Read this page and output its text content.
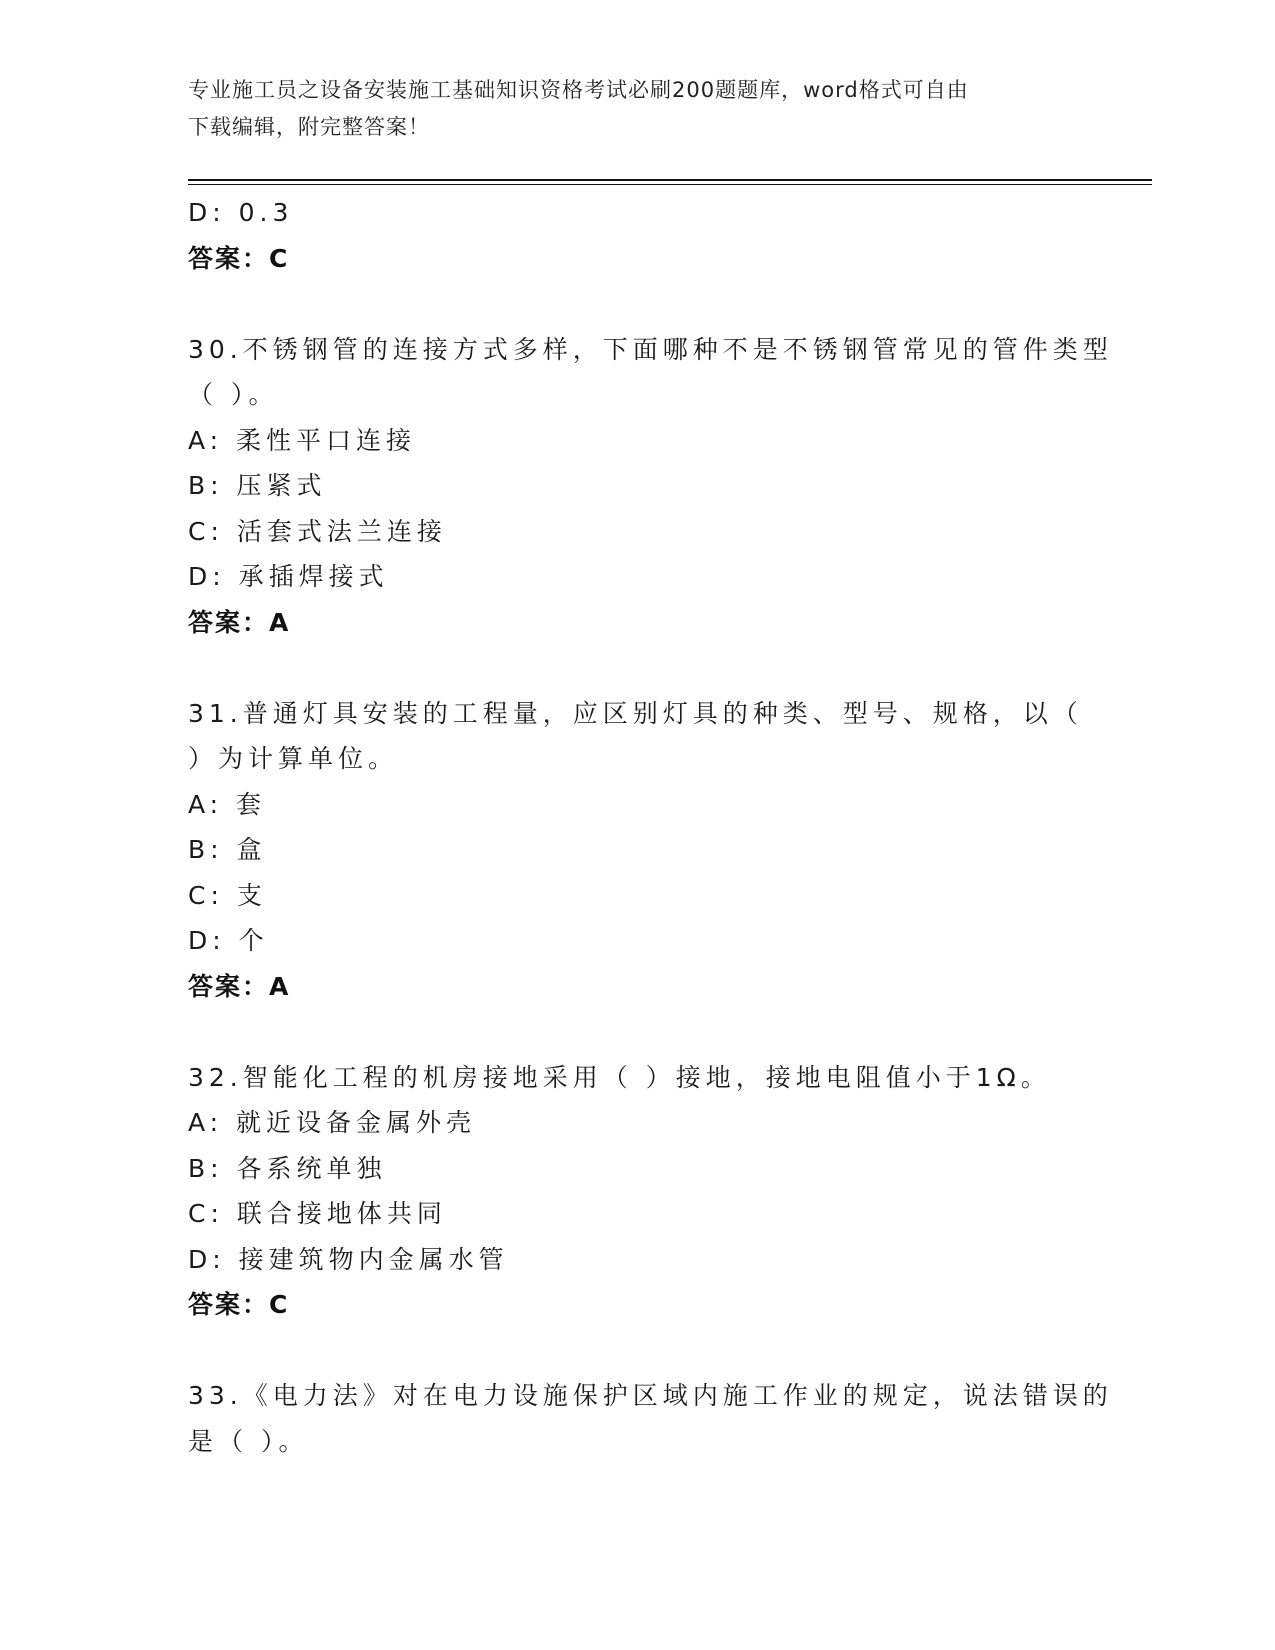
专业施工员之设备安装施工基础知识资格考试必刷200题题库，word格式可自由
下载编辑，附完整答案！
D: 0.3
答案：C
30.不锈钢管的连接方式多样，下面哪种不是不锈钢管常见的管件类型
（ ）。
A: 柔性平口连接
B: 压紧式
C: 活套式法兰连接
D: 承插焊接式
答案：A
31.普通灯具安装的工程量，应区别灯具的种类、型号、规格，以（
）为计算单位。
A: 套
B: 盒
C: 支
D: 个
答案：A
32.智能化工程的机房接地采用（ ）接地，接地电阻值小于1Ω。
A: 就近设备金属外壳
B: 各系统单独
C: 联合接地体共同
D: 接建筑物内金属水管
答案：C
33.《电力法》对在电力设施保护区域内施工作业的规定，说法错误的
是（ ）。
